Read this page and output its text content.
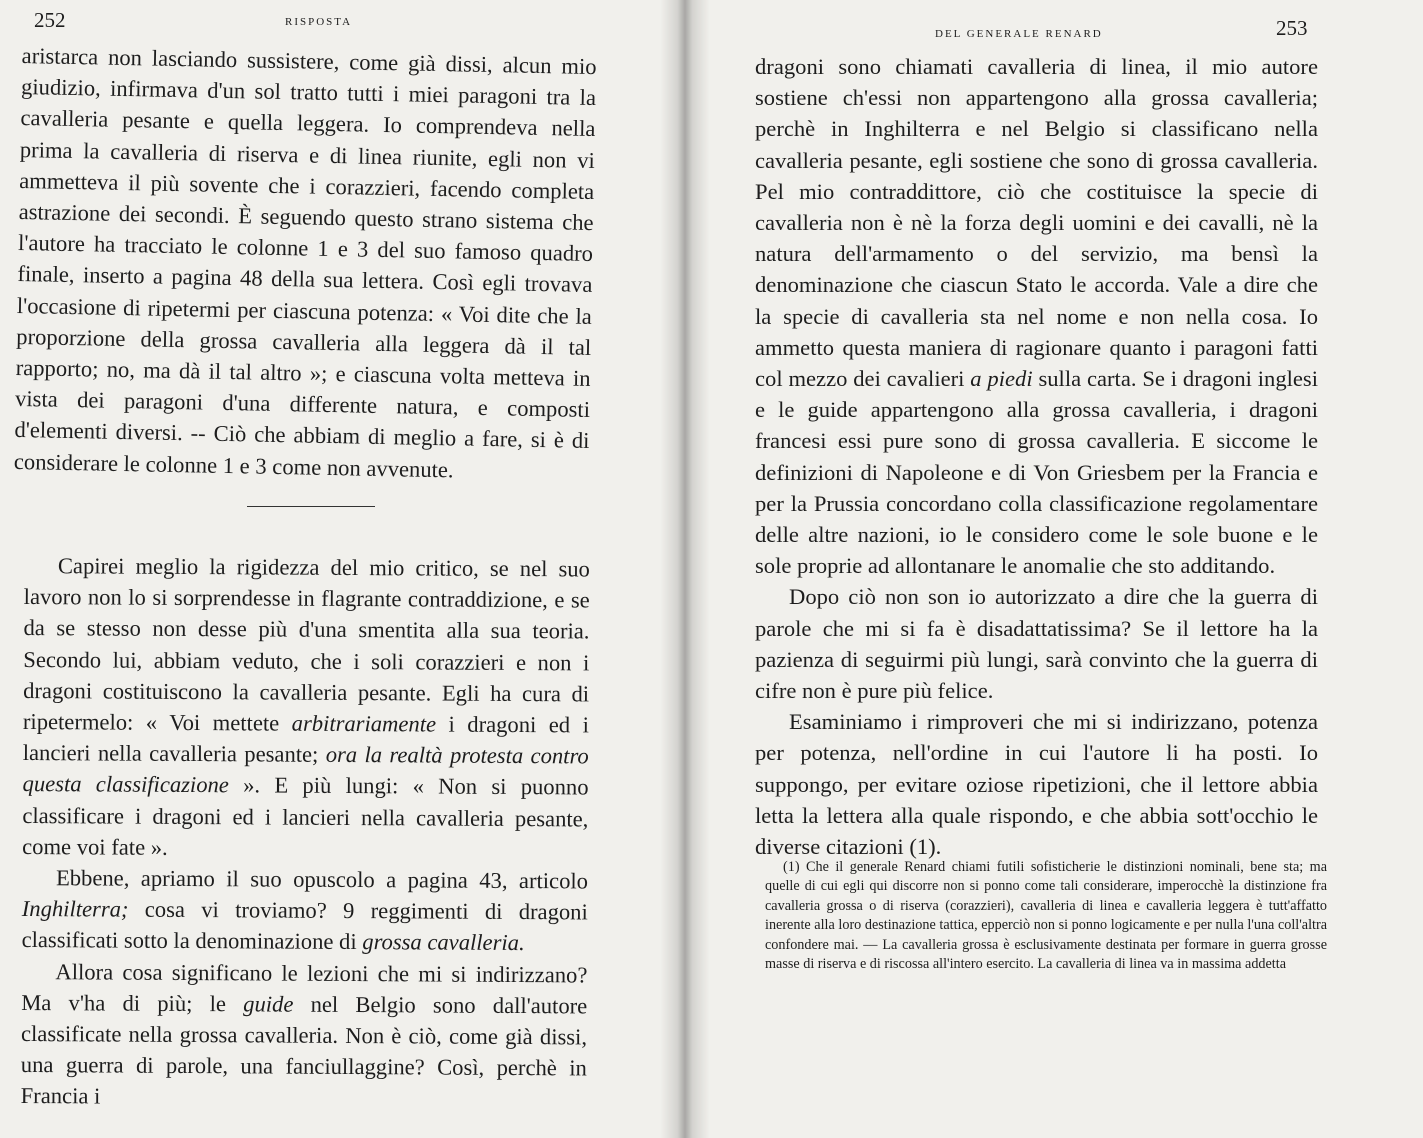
252	RISPOSTA

aristarca non lasciando sussistere, come già dissi, alcun mio giudizio, infirmava d'un sol tratto tutti i miei paragoni tra la cavalleria pesante e quella leggera. Io comprendeva nella prima la cavalleria di riserva e di linea riunite, egli non vi ammetteva il più sovente che i corazzieri, facendo completa astrazione dei secondi. È seguendo questo strano sistema che l'autore ha tracciato le colonne 1 e 3 del suo famoso quadro finale, inserto a pagina 48 della sua lettera. Così egli trovava l'occasione di ripetermi per ciascuna potenza: « Voi dite che la proporzione della grossa cavalleria alla leggera dà il tal rapporto; no, ma dà il tal altro »; e ciascuna volta metteva in vista dei paragoni d'una differente natura, e composti d'elementi diversi. -- Ciò che abbiam di meglio a fare, si è di considerare le colonne 1 e 3 come non avvenute.

Capirei meglio la rigidezza del mio critico, se nel suo lavoro non lo si sorprendesse in flagrante contraddizione, e se da se stesso non desse più d'una smentita alla sua teoria. Secondo lui, abbiam veduto, che i soli corazzieri e non i dragoni costituiscono la cavalleria pesante. Egli ha cura di ripetermelo: « Voi mettete arbitrariamente i dragoni ed i lancieri nella cavalleria pesante; ora la realtà protesta contro questa classificazione ». E più lungi: « Non si puonno classificare i dragoni ed i lancieri nella cavalleria pesante, come voi fate ».

Ebbene, apriamo il suo opuscolo a pagina 43, articolo Inghilterra; cosa vi troviamo? 9 reggimenti di dragoni classificati sotto la denominazione di grossa cavalleria.

Allora cosa significano le lezioni che mi si indirizzano? Ma v'ha di più; le guide nel Belgio sono dall'autore classificate nella grossa cavalleria. Non è ciò, come già dissi, una guerra di parole, una fanciullaggine? Così, perchè in Francia i

DEL GENERALE RENARD	253

dragoni sono chiamati cavalleria di linea, il mio autore sostiene ch'essi non appartengono alla grossa cavalleria; perchè in Inghilterra e nel Belgio si classificano nella cavalleria pesante, egli sostiene che sono di grossa cavalleria. Pel mio contraddittore, ciò che costituisce la specie di cavalleria non è nè la forza degli uomini e dei cavalli, nè la natura dell'armamento o del servizio, ma bensì la denominazione che ciascun Stato le accorda. Vale a dire che la specie di cavalleria sta nel nome e non nella cosa. Io ammetto questa maniera di ragionare quanto i paragoni fatti col mezzo dei cavalieri a piedi sulla carta. Se i dragoni inglesi e le guide appartengono alla grossa cavalleria, i dragoni francesi essi pure sono di grossa cavalleria. E siccome le definizioni di Napoleone e di Von Griesbem per la Francia e per la Prussia concordano colla classificazione regolamentare delle altre nazioni, io le considero come le sole buone e le sole proprie ad allontanare le anomalie che sto additando.

Dopo ciò non son io autorizzato a dire che la guerra di parole che mi si fa è disadattatissima? Se il lettore ha la pazienza di seguirmi più lungi, sarà convinto che la guerra di cifre non è pure più felice.

Esaminiamo i rimproveri che mi si indirizzano, potenza per potenza, nell'ordine in cui l'autore li ha posti. Io suppongo, per evitare oziose ripetizioni, che il lettore abbia letta la lettera alla quale rispondo, e che abbia sott'occhio le diverse citazioni (1).

(1) Che il generale Renard chiami futili sofisticherie le distinzioni nominali, bene sta; ma quelle di cui egli qui discorre non si ponno come tali considerare, imperocchè la distinzione fra cavalleria grossa o di riserva (corazzieri), cavalleria di linea e cavalleria leggera è tutt'affatto inerente alla loro destinazione tattica, epperciò non si ponno logicamente e per nulla l'una coll'altra confondere mai. — La cavalleria grossa è esclusivamente destinata per formare in guerra grosse masse di riserva e di riscossa all'intero esercito. La cavalleria di linea va in massima addetta
